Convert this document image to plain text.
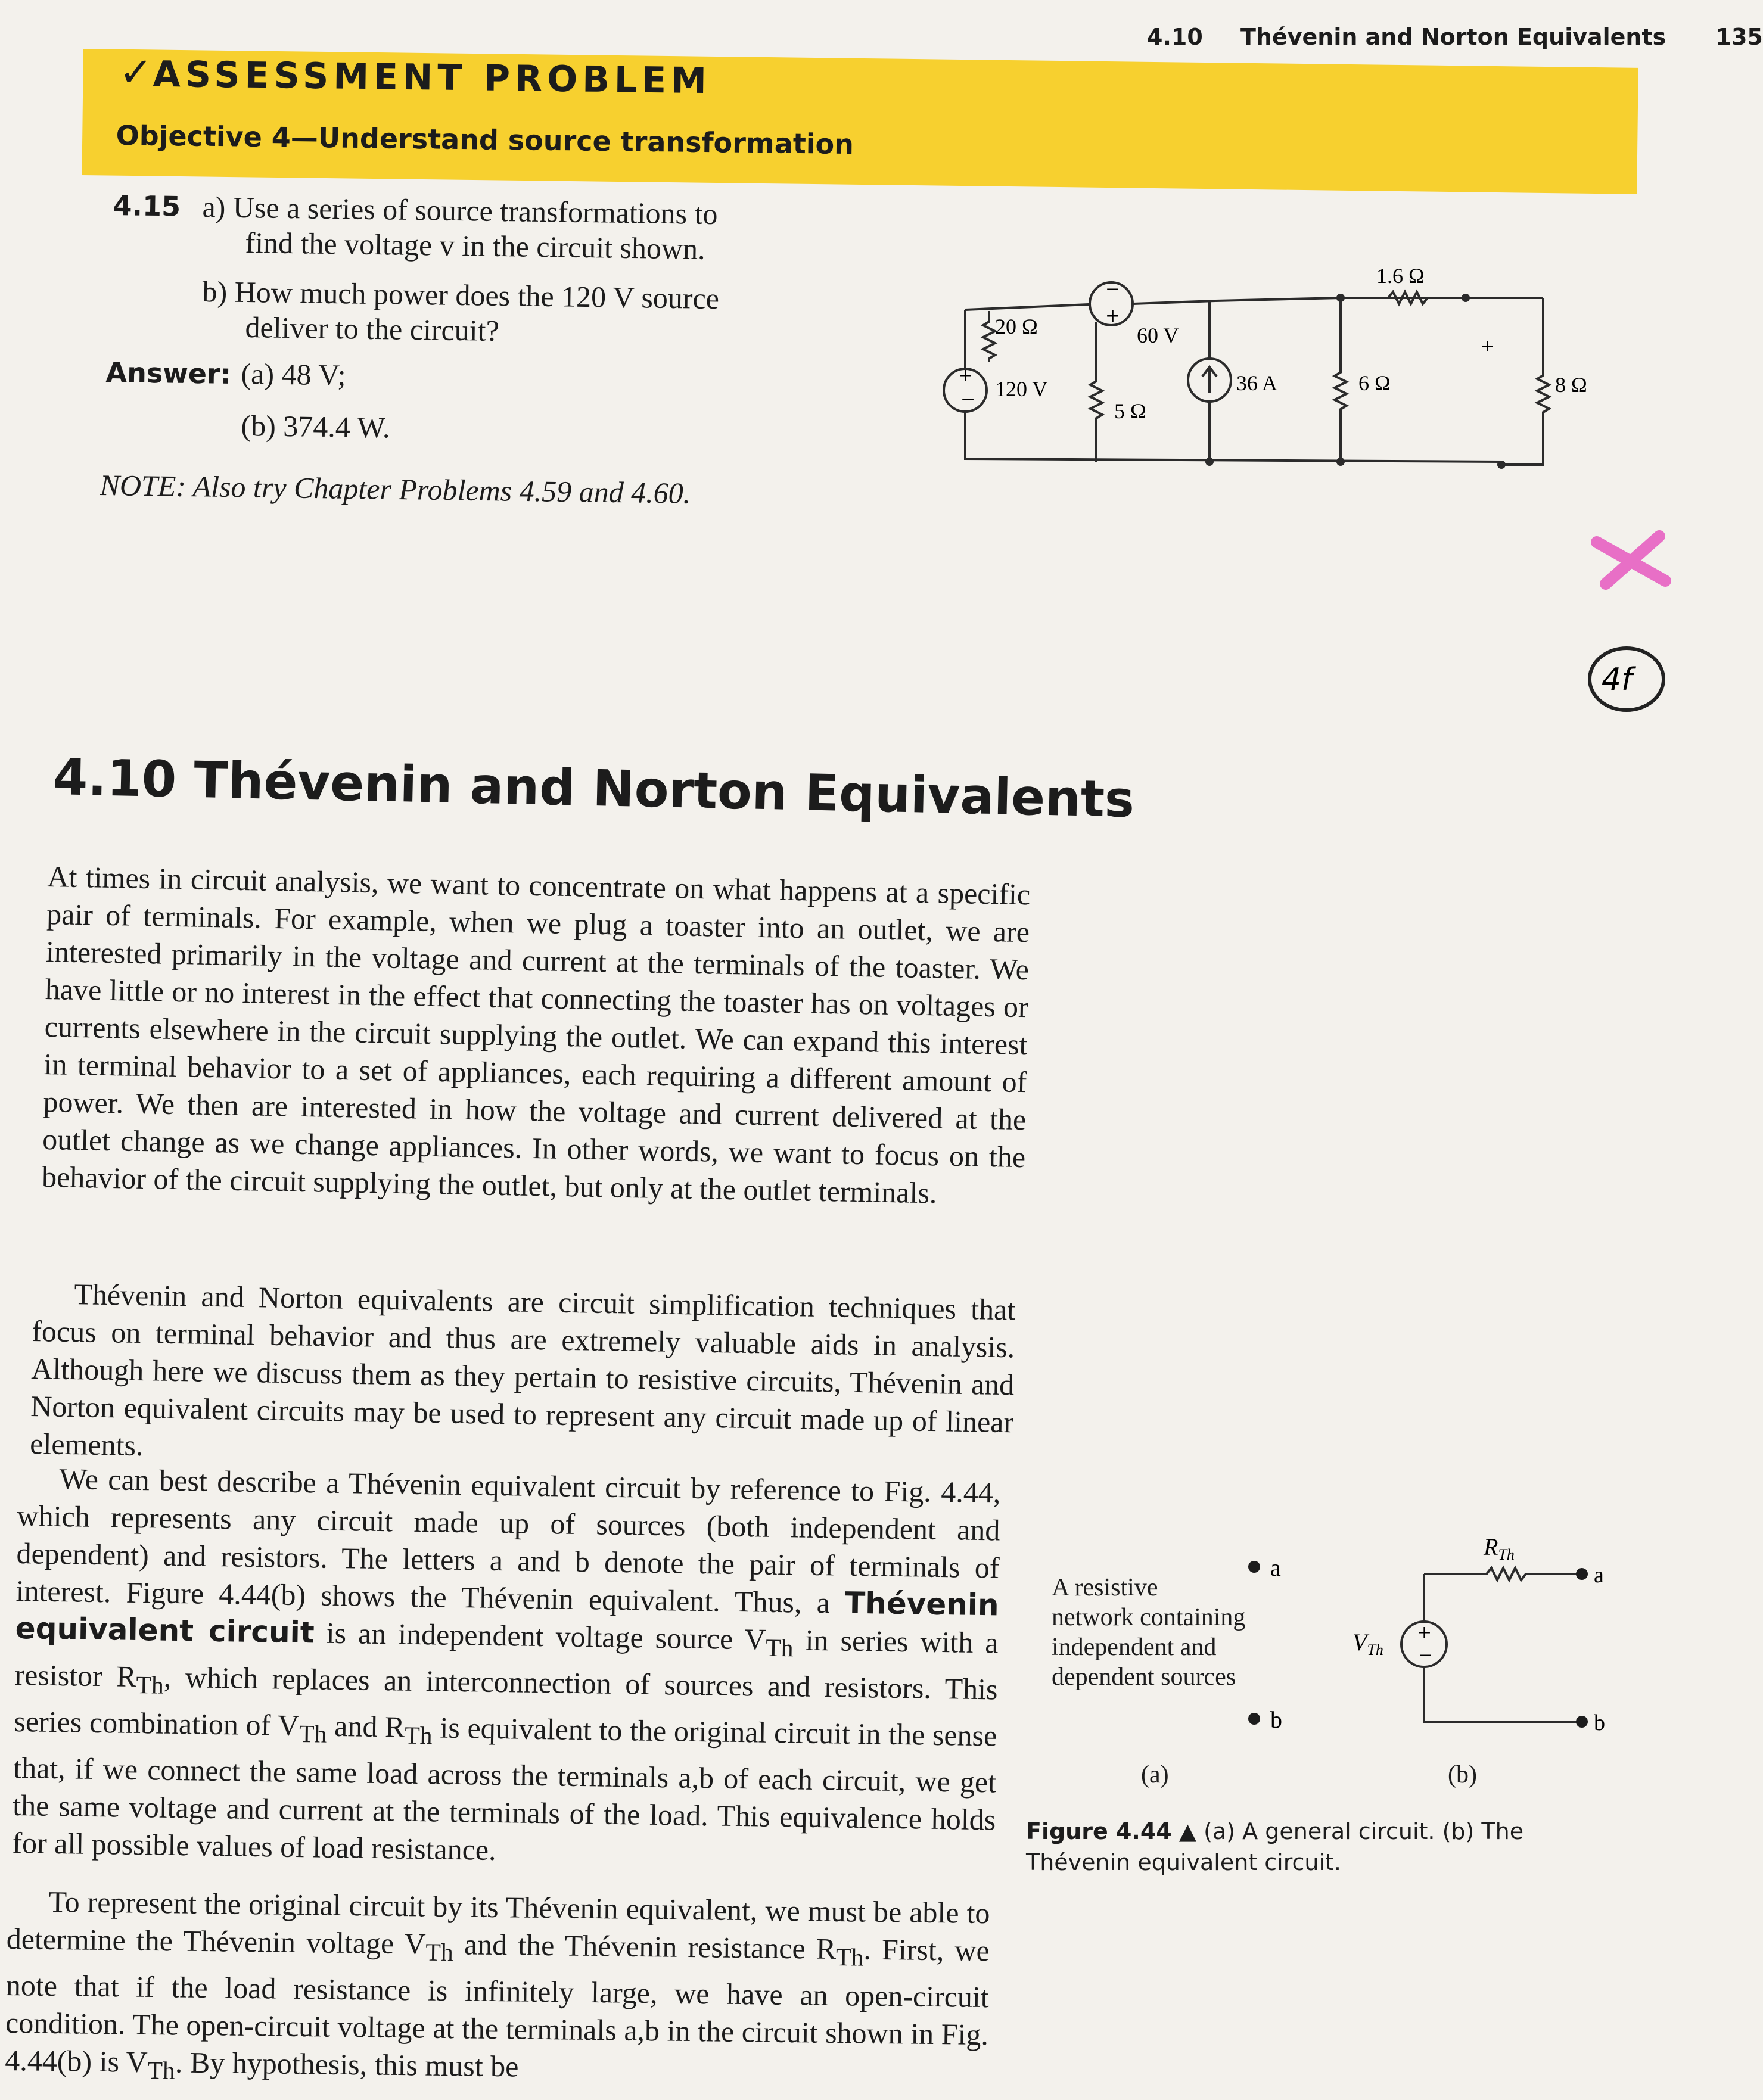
4.10 Thévenin and Norton Equivalents 135
✓ASSESSMENT PROBLEM
Objective 4—Understand source transformation
4.15 a) Use a series of source transformations to
find the voltage v in the circuit shown.
b) How much power does the 120 V source
deliver to the circuit?
Answer: (a) 48 V;
(b) 374.4 W.
NOTE: Also try Chapter Problems 4.59 and 4.60.
20 Ω
+
− 120 V
−
+
60 V
5 Ω
36 A	6 Ω
1.6 Ω
+
8 Ω
4f
4.10 Thévenin and Norton Equivalents

At times in circuit analysis, we want to concentrate on what happens at a specific pair of terminals. For example, when we plug a toaster into an outlet, we are interested primarily in the voltage and current at the terminals of the toaster. We have little or no interest in the effect that connecting the toaster has on voltages or currents elsewhere in the circuit supplying the outlet. We can expand this interest in terminal behavior to a set of appliances, each requiring a different amount of power. We then are interested in how the voltage and current delivered at the outlet change as we change appliances. In other words, we want to focus on the behavior of the circuit supplying the outlet, but only at the outlet terminals.

Thévenin and Norton equivalents are circuit simplification techniques that focus on terminal behavior and thus are extremely valuable aids in analysis. Although here we discuss them as they pertain to resistive circuits, Thévenin and Norton equivalent circuits may be used to represent any circuit made up of linear elements.

We can best describe a Thévenin equivalent circuit by reference to Fig. 4.44, which represents any circuit made up of sources (both independent and dependent) and resistors. The letters a and b denote the pair of terminals of interest. Figure 4.44(b) shows the Thévenin equivalent. Thus, a Thévenin equivalent circuit is an independent voltage source $V_{Th}$ in series with a resistor $R_{Th}$, which replaces an interconnection of sources and resistors. This series combination of $V_{Th}$ and $R_{Th}$ is equivalent to the original circuit in the sense that, if we connect the same load across the terminals a,b of each circuit, we get the same voltage and current at the terminals of the load. This equivalence holds for all possible values of load resistance.

To represent the original circuit by its Thévenin equivalent, we must be able to determine the Thévenin voltage $V_{Th}$ and the Thévenin resistance $R_{Th}$. First, we note that if the load resistance is infinitely large, we have an open-circuit condition. The open-circuit voltage at the terminals a,b in the circuit shown in Fig. 4.44(b) is $V_{Th}$. By hypothesis, this must be

A resistive
network containing
independent and
dependent sources
a
b
(a)
+
−
$V_{Th}$
$R_{Th}$
a
b
(b)
Figure 4.44 ▲ (a) A general circuit. (b) The Thévenin equivalent circuit.
